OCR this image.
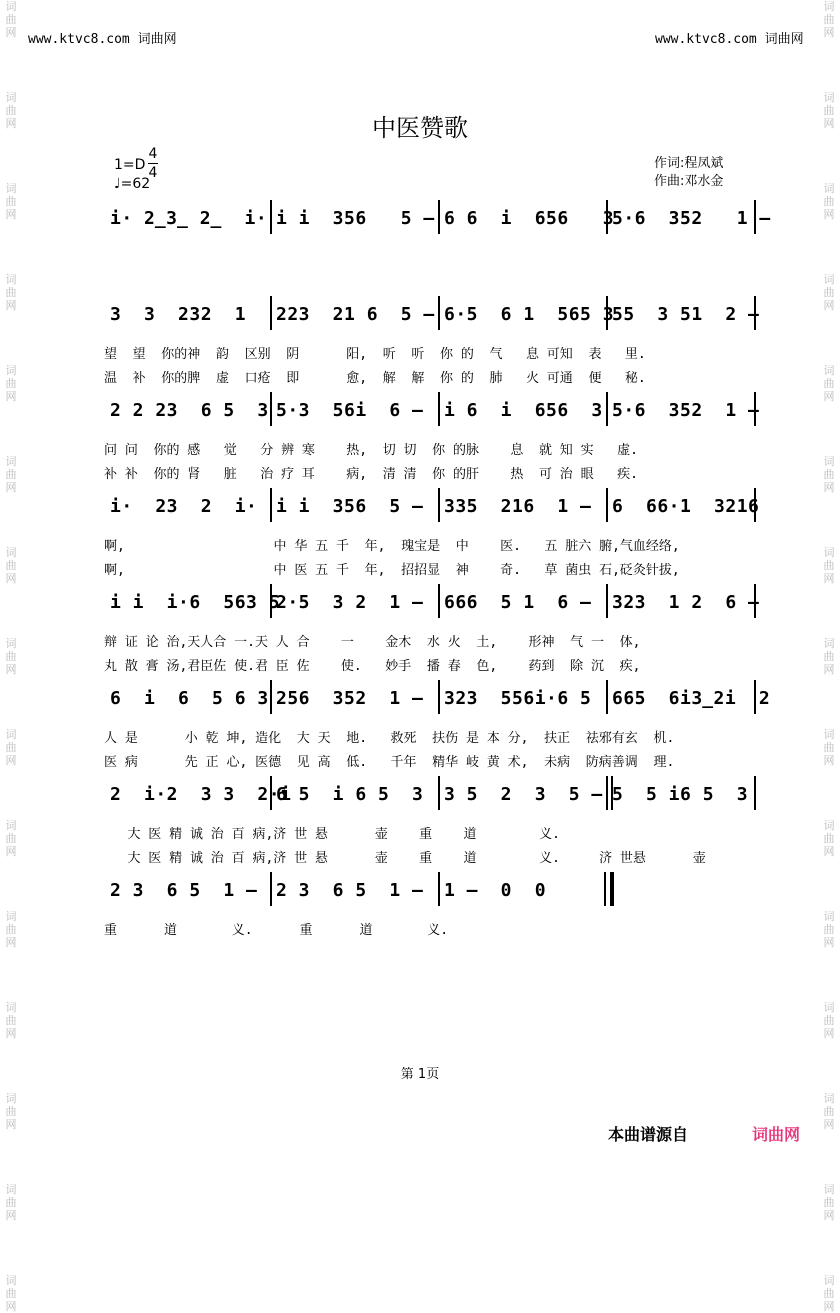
词
曲
网

词
曲
网

词
曲
网

词
曲
网

词
曲
网

词
曲
网

词
曲
网

词
曲
网

词
曲
网

词
曲
网

词
曲
网

词
曲
网

词
曲
网

词
曲
网

词
曲
网
词
曲
网

词
曲
网

词
曲
网

词
曲
网

词
曲
网

词
曲
网

词
曲
网

词
曲
网

词
曲
网

词
曲
网

词
曲
网

词
曲
网

词
曲
网

词
曲
网

词
曲
网
www.ktvc8.com 词曲网	www.ktvc8.com 词曲网
中医赞歌
1=D
4
4
♩=62
作词:程凤斌
作曲:邓水金
i· 2̲3̲ 2̲  i· i i  356   5 – 6 6  i  656   3
5·6  352   1 –
3  3  232  1 223  21 6  5 – 6·5  6 1  565 3
55  3 51  2 –
望  望  你的神  韵  区别  阴      阳,  听  听  你 的  气   息 可知  表   里.
温  补  你的脾  虚  口疮  即      愈,  解  解  你 的  肺   火 可通  便   秘.
2 2 23  6 5  3 5·3  56i  6 – i 6  i  656  3 5·6  352  1 –
问 问  你的 感   觉   分 辨 寒    热,  切 切  你 的脉    息  就 知 实   虚.
补 补  你的 肾   脏   治 疗 耳    病,  清 清  你 的肝    热  可 治 眼   疾.
i·  23  2  i· i i  356  5 – 335  216  1 – 6  66·1  3216
啊,                   中 华 五 千  年,  瑰宝是  中    医.   五 脏六 腑,气血经络,
啊,                   中 医 五 千  年,  招招显  神    奇.   草 菌虫 石,砭灸针拔,
i i  i·6  563 5
2·5  3 2  1 – 666  5 1  6 – 323  1 2  6 –
辩 证 论 治,天人合 一.天 人 合    一    金木  水 火  土,    形神  气 一  体,
丸 散 膏 汤,君臣佐 使.君 臣 佐    使.   妙手  播 春  色,    药到  除 沉  疾,
6  i  6  5 6 3 256  352  1 – 323  556i·6 5 665  6i3̲2i  2
人 是      小 乾 坤, 造化  大 天  地.   救死  扶伤 是 本 分,  扶正  祛邪有玄  机.
医 病      先 正 心, 医德  见 高  低.   千年  精华 岐 黄 术,  未病  防病善调  理.
2  i·2  3 3  2·i
6 5  i 6 5  3 3 5  2  3  5 – 5  5 i6 5  3
大 医 精 诚 治 百 病,济 世 悬      壶    重    道        义.
大 医 精 诚 治 百 病,济 世 悬      壶    重    道        义.     济 世悬      壶
2 3  6 5  1 – 2 3  6 5  1 – 1 –  0  0
重      道       义.      重      道       义.
第 1页
本曲谱源自	词曲网
